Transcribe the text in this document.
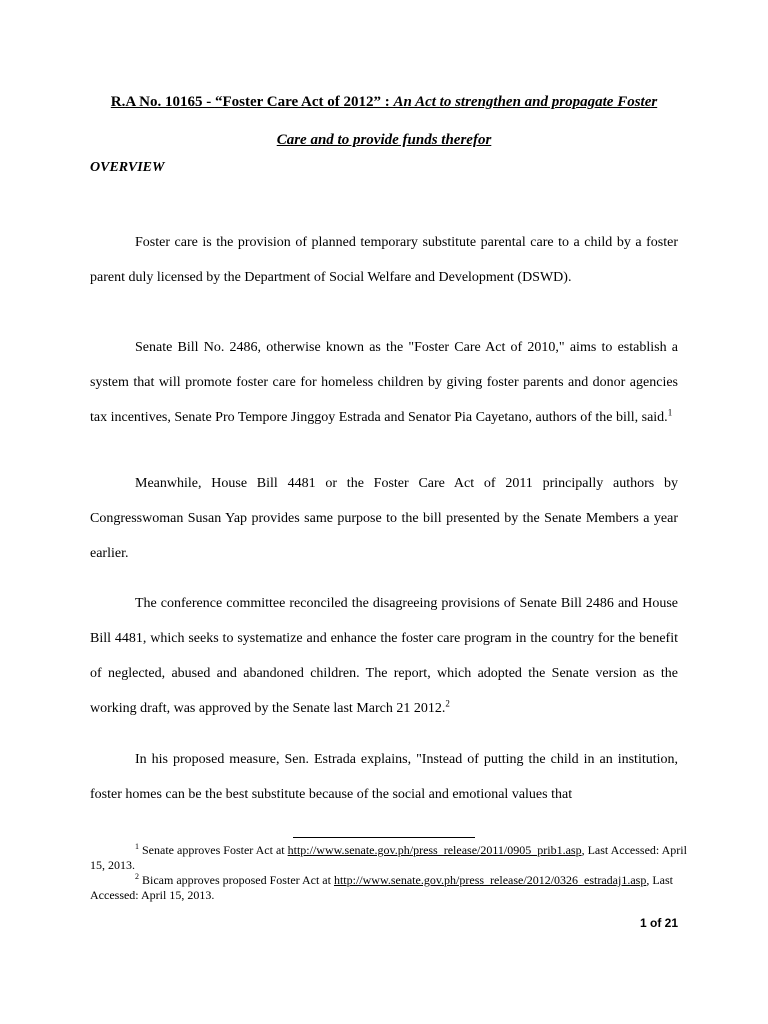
R.A No. 10165 - “Foster Care Act of 2012” : An Act to strengthen and propagate Foster
Care and to provide funds therefor
OVERVIEW

Foster care is the provision of planned temporary substitute parental care to a child by a foster parent duly licensed by the Department of Social Welfare and Development (DSWD).

Senate Bill No. 2486, otherwise known as the "Foster Care Act of 2010," aims to establish a system that will promote foster care for homeless children by giving foster parents and donor agencies tax incentives, Senate Pro Tempore Jinggoy Estrada and Senator Pia Cayetano, authors of the bill, said.$^1$

Meanwhile, House Bill 4481 or the Foster Care Act of 2011 principally authors by Congresswoman Susan Yap provides same purpose to the bill presented by the Senate Members a year earlier.

The conference committee reconciled the disagreeing provisions of Senate Bill 2486 and House Bill 4481, which seeks to systematize and enhance the foster care program in the country for the benefit of neglected, abused and abandoned children. The report, which adopted the Senate version as the working draft, was approved by the Senate last March 21 2012.$^2$

In his proposed measure, Sen. Estrada explains, "Instead of putting the child in an institution, foster homes can be the best substitute because of the social and emotional values that

$^1$ Senate approves Foster Act at http://www.senate.gov.ph/press_release/2011/0905_prib1.asp, Last Accessed: April 15, 2013.

$^2$ Bicam approves proposed Foster Act at http://www.senate.gov.ph/press_release/2012/0326_estradaj1.asp, Last Accessed: April 15, 2013.

1 of 21
